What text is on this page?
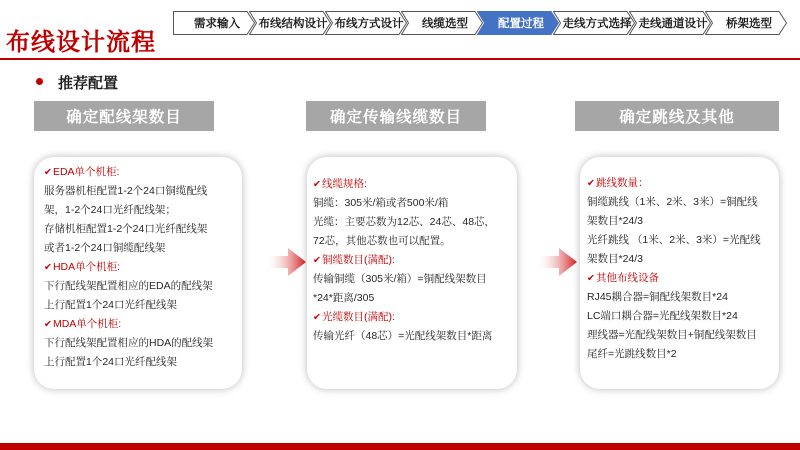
布线设计流程
需求输入	布线结构设计 布线方式设计	线缆选型	配置过程	走线方式选择 走线通道设计	桥架选型
推荐配置
确定配线架数目	确定传输线缆数目	确定跳线及其他
✔ EDA单个机柜:
服务器机柜配置1-2个24口铜缆配线
架，1-2个24口光纤配线架；
存储机柜配置1-2个24口光纤配线架
或者1-2个24口铜缆配线架
✔ HDA单个机柜:
下行配线架配置相应的EDA的配线架
上行配置1个24口光纤配线架
✔ MDA单个机柜:
下行配线架配置相应的HDA的配线架
上行配置1个24口光纤配线架
✔ 线缆规格:
铜缆：305米/箱或者500米/箱
光缆：主要芯数为12芯、24芯、48芯，
72芯，其他芯数也可以配置。
✔ 铜缆数目(满配):
传输铜缆（305米/箱）=铜配线架数目
*24*距离/305
✔ 光缆数目(满配):
传输光纤（48芯）=光配线架数目*距离
✔ 跳线数量：
铜缆跳线（1米、2米、3米）=铜配线
架数目*24/3
光纤跳线 （1米、2米、3米）=光配线
架数目*24/3
✔ 其他布线设备
RJ45耦合器=铜配线架数目*24
LC端口耦合器=光配线架数目*24
理线器=光配线架数目+铜配线架数目
尾纤=光跳线数目*2
